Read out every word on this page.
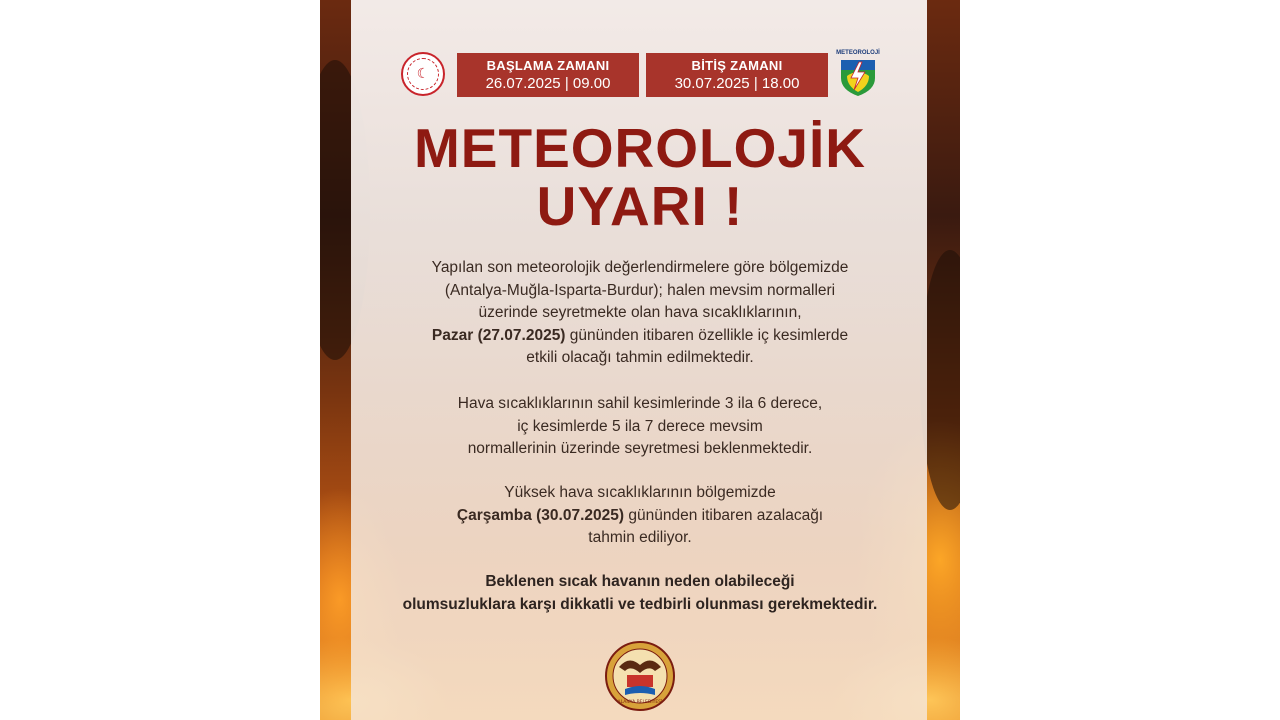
☾
BAŞLAMA ZAMANI
26.07.2025 | 09.00
BİTİŞ ZAMANI
30.07.2025 | 18.00
METEOROLOJİ
METEOROLOJİK
UYARI !
Yapılan son meteorolojik değerlendirmelere göre bölgemizde
(Antalya-Muğla-Isparta-Burdur); halen mevsim normalleri
üzerinde seyretmekte olan hava sıcaklıklarının,
Pazar (27.07.2025) gününden itibaren özellikle iç kesimlerde
etkili olacağı tahmin edilmektedir.
Hava sıcaklıklarının sahil kesimlerinde 3 ila 6 derece,
iç kesimlerde 5 ila 7 derece mevsim
normallerinin üzerinde seyretmesi beklenmektedir.
Yüksek hava sıcaklıklarının bölgemizde
Çarşamba (30.07.2025) gününden itibaren azalacağı
tahmin ediliyor.
Beklenen sıcak havanın neden olabileceği
olumsuzluklara karşı dikkatli ve tedbirli olunması gerekmektedir.
ALANYA BELEDİYESİ
